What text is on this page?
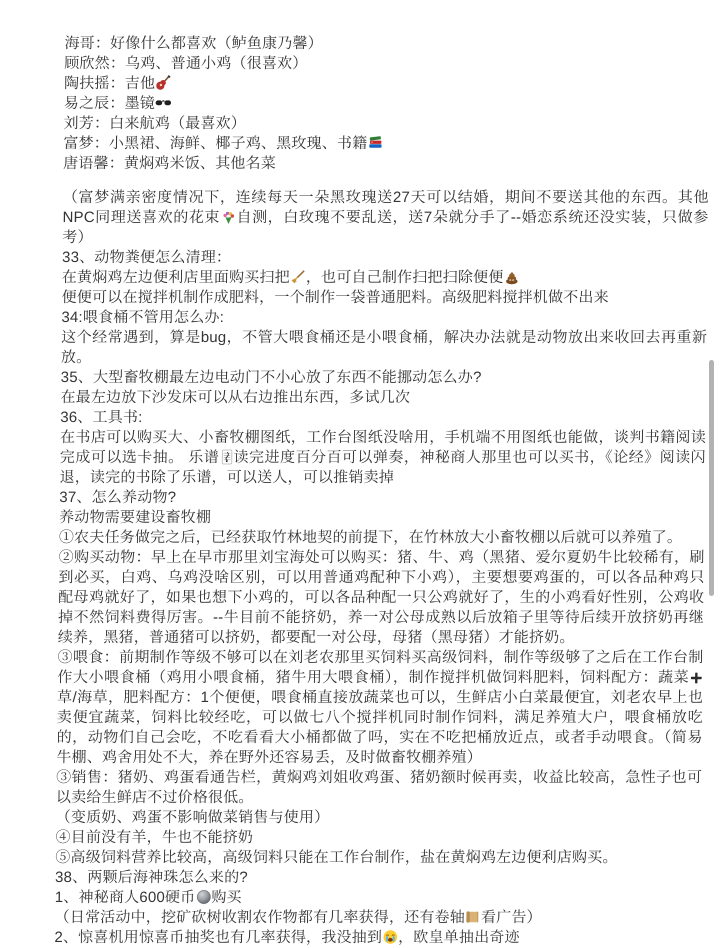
海哥：好像什么都喜欢（鲈鱼康乃馨）

顾欣然：乌鸡、普通小鸡（很喜欢）

陶扶摇：吉他

易之辰：墨镜

刘芳：白来航鸡（最喜欢）

富梦：小黑裙、海鲜、椰子鸡、黑玫瑰、书籍

唐语馨：黄焖鸡米饭、其他名菜

（富梦满亲密度情况下，连续每天一朵黑玫瑰送27天可以结婚，期间不要送其他的东西。其他NPC同理送喜欢的花束 自测，白玫瑰不要乱送，送7朵就分手了--婚恋系统还没实装，只做参考）

33、动物粪便怎么清理：

在黄焖鸡左边便利店里面购买扫把 ，也可自己制作扫把扫除便便

便便可以在搅拌机制作成肥料，一个制作一袋普通肥料。高级肥料搅拌机做不出来

34:喂食桶不管用怎么办:

这个经常遇到，算是bug，不管大喂食桶还是小喂食桶，解决办法就是动物放出来收回去再重新放。

35、大型畜牧棚最左边电动门不小心放了东西不能挪动怎么办?

在最左边放下沙发床可以从右边推出东西，多试几次

36、工具书:

在书店可以购买大、小畜牧棚图纸，工作台图纸没啥用，手机端不用图纸也能做，谈判书籍阅读完成可以选卡抽。 乐谱 读完进度百分百可以弹奏，神秘商人那里也可以买书，《论经》阅读闪退，读完的书除了乐谱，可以送人，可以推销卖掉

37、怎么养动物?

养动物需要建设畜牧棚

①农夫任务做完之后，已经获取竹林地契的前提下，在竹林放大小畜牧棚以后就可以养殖了。

②购买动物：早上在早市那里刘宝海处可以购买：猪、牛、鸡（黑猪、爱尔夏奶牛比较稀有，刷到必买，白鸡、乌鸡没啥区别，可以用普通鸡配种下小鸡），主要想要鸡蛋的，可以各品种鸡只配母鸡就好了，如果也想下小鸡的，可以各品种配一只公鸡就好了，生的小鸡看好性别，公鸡收掉不然饲料费得厉害。--牛目前不能挤奶，养一对公母成熟以后放箱子里等待后续开放挤奶再继续养，黑猪，普通猪可以挤奶，都要配一对公母，母猪（黑母猪）才能挤奶。

③喂食：前期制作等级不够可以在刘老农那里买饲料买高级饲料，制作等级够了之后在工作台制作大小喂食桶（鸡用小喂食桶，猪牛用大喂食桶），制作搅拌机做饲料肥料，饲料配方：蔬菜草/海草，肥料配方：1个便便，喂食桶直接放蔬菜也可以，生鲜店小白菜最便宜，刘老农早上也卖便宜蔬菜，饲料比较经吃，可以做七八个搅拌机同时制作饲料，满足养殖大户，喂食桶放吃的，动物们自己会吃，不吃看看大小桶都做了吗，实在不吃把桶放近点，或者手动喂食。（简易牛棚、鸡舍用处不大，养在野外还容易丢，及时做畜牧棚养殖）

③销售：猪奶、鸡蛋看通告栏，黄焖鸡刘姐收鸡蛋、猪奶额时候再卖，收益比较高，急性子也可以卖给生鲜店不过价格很低。

（变质奶、鸡蛋不影响做菜销售与使用）

④目前没有羊，牛也不能挤奶

⑤高级饲料营养比较高，高级饲料只能在工作台制作，盐在黄焖鸡左边便利店购买。

38、两颗后海神珠怎么来的?

1、神秘商人600硬币 购买

（日常活动中，挖矿砍树收割农作物都有几率获得，还有卷轴 看广告）

2、惊喜机用惊喜币抽奖也有几率获得，我没抽到 ，欧皇单抽出奇迹
